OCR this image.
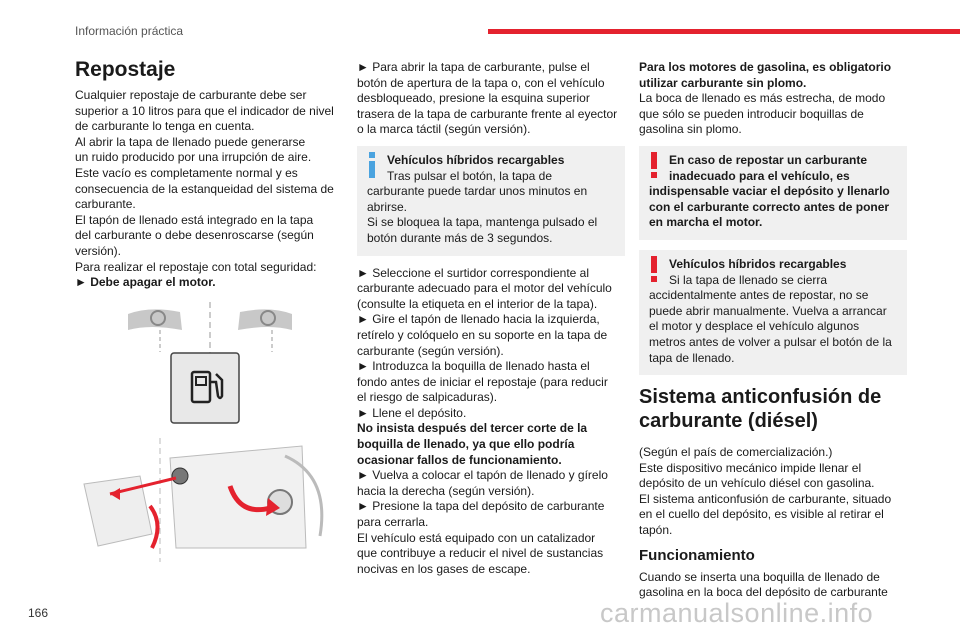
Información práctica
Repostaje

Cualquier repostaje de carburante debe ser

superior a 10 litros para que el indicador de nivel

de carburante lo tenga en cuenta.

Al abrir la tapa de llenado puede generarse

un ruido producido por una irrupción de aire.

Este vacío es completamente normal y es

consecuencia de la estanqueidad del sistema de

carburante.

El tapón de llenado está integrado en la tapa

del carburante o debe desenroscarse (según

versión).

Para realizar el repostaje con total seguridad:

► Debe apagar el motor.

► Para abrir la tapa de carburante, pulse el

botón de apertura de la tapa o, con el vehículo

desbloqueado, presione la esquina superior

trasera de la tapa de carburante frente al eyector

o la marca táctil (según versión).

Vehículos híbridos recargables
Tras pulsar el botón, la tapa de
carburante puede tardar unos minutos en
abrirse.
Si se bloquea la tapa, mantenga pulsado el
botón durante más de 3 segundos.

► Seleccione el surtidor correspondiente al

carburante adecuado para el motor del vehículo

(consulte la etiqueta en el interior de la tapa).

► Gire el tapón de llenado hacia la izquierda,

retírelo y colóquelo en su soporte en la tapa de

carburante (según versión).

► Introduzca la boquilla de llenado hasta el

fondo antes de iniciar el repostaje (para reducir

el riesgo de salpicaduras).

► Llene el depósito.

No insista después del tercer corte de la

boquilla de llenado, ya que ello podría

ocasionar fallos de funcionamiento.

► Vuelva a colocar el tapón de llenado y gírelo

hacia la derecha (según versión).

► Presione la tapa del depósito de carburante

para cerrarla.

El vehículo está equipado con un catalizador

que contribuye a reducir el nivel de sustancias

nocivas en los gases de escape.

Para los motores de gasolina, es obligatorio

utilizar carburante sin plomo.

La boca de llenado es más estrecha, de modo

que sólo se pueden introducir boquillas de

gasolina sin plomo.

En caso de repostar un carburante
inadecuado para el vehículo, es
indispensable vaciar el depósito y llenarlo
con el carburante correcto antes de poner
en marcha el motor.
Vehículos híbridos recargables
Si la tapa de llenado se cierra
accidentalmente antes de repostar, no se
puede abrir manualmente. Vuelva a arrancar
el motor y desplace el vehículo algunos
metros antes de volver a pulsar el botón de la
tapa de llenado.
Sistema anticonfusión de
carburante (diésel)

(Según el país de comercialización.)

Este dispositivo mecánico impide llenar el

depósito de un vehículo diésel con gasolina.

El sistema anticonfusión de carburante, situado

en el cuello del depósito, es visible al retirar el

tapón.

Funcionamiento

Cuando se inserta una boquilla de llenado de

gasolina en la boca del depósito de carburante

166	carmanualsonline.info
